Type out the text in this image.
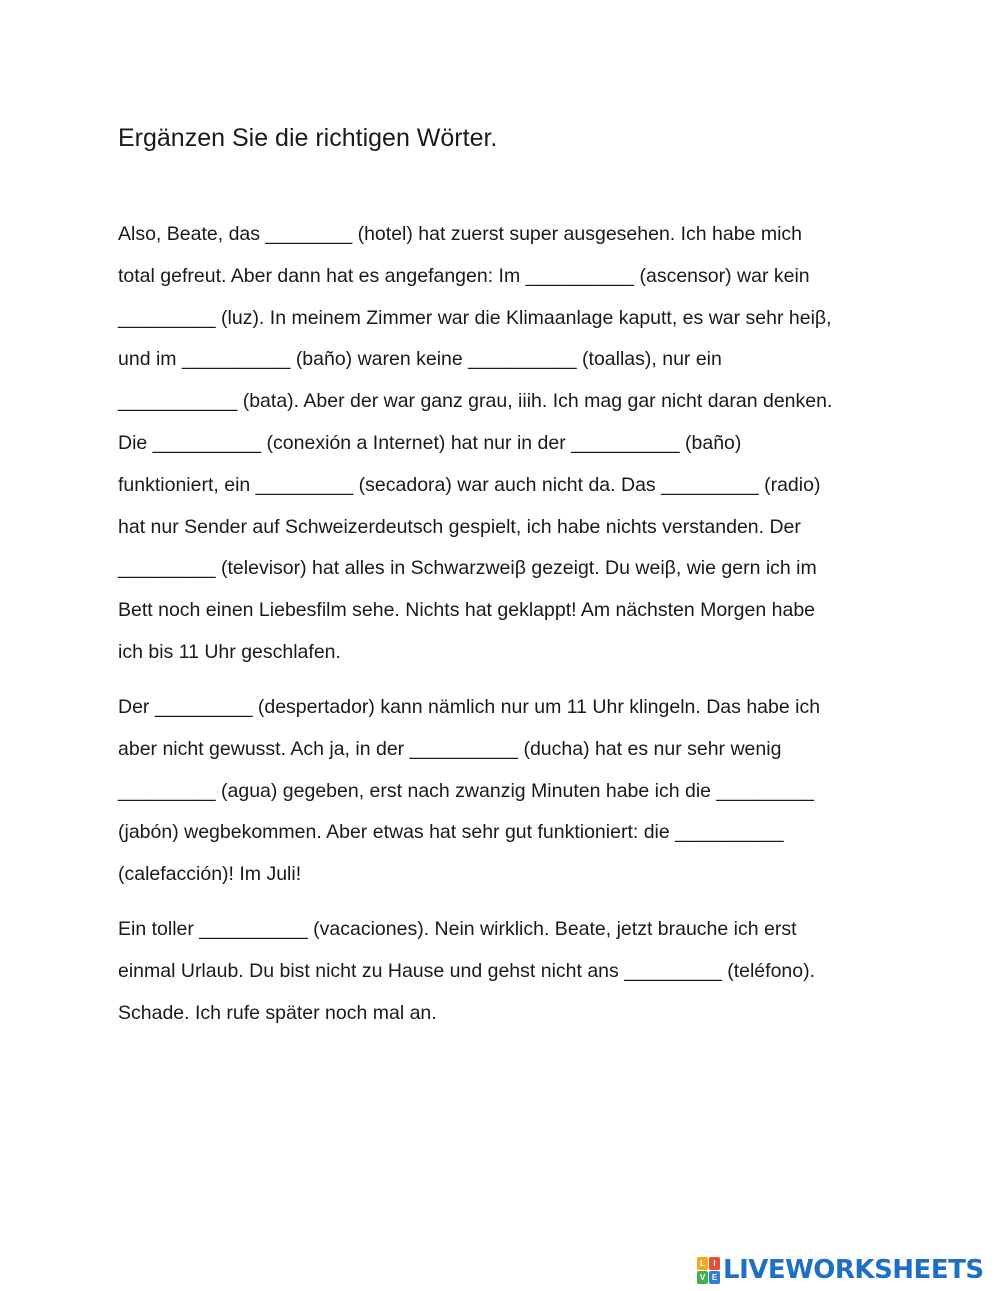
Ergänzen Sie die richtigen Wörter.
Also, Beate, das ________ (hotel) hat zuerst super ausgesehen. Ich habe mich
total gefreut. Aber dann hat es angefangen: Im __________ (ascensor) war kein
_________ (luz). In meinem Zimmer war die Klimaanlage kaputt, es war sehr heiβ,
und im __________ (baño) waren keine __________ (toallas), nur ein
___________ (bata). Aber der war ganz grau, iiih. Ich mag gar nicht daran denken.
Die __________ (conexión a Internet) hat nur in der __________ (baño)
funktioniert, ein _________ (secadora) war auch nicht da. Das _________ (radio)
hat nur Sender auf Schweizerdeutsch gespielt, ich habe nichts verstanden. Der
_________ (televisor) hat alles in Schwarzweiβ gezeigt. Du weiβ, wie gern ich im
Bett noch einen Liebesfilm sehe. Nichts hat geklappt! Am nächsten Morgen habe
ich bis 11 Uhr geschlafen.
Der _________ (despertador) kann nämlich nur um 11 Uhr klingeln. Das habe ich
aber nicht gewusst. Ach ja, in der __________ (ducha) hat es nur sehr wenig
_________ (agua) gegeben, erst nach zwanzig Minuten habe ich die _________
(jabón) wegbekommen. Aber etwas hat sehr gut funktioniert: die __________
(calefacción)! Im Juli!
Ein toller __________ (vacaciones). Nein wirklich. Beate, jetzt brauche ich erst
einmal Urlaub. Du bist nicht zu Hause und gehst nicht ans _________ (teléfono).
Schade. Ich rufe später noch mal an.
L	I
V E LIVEWORKSHEETS
